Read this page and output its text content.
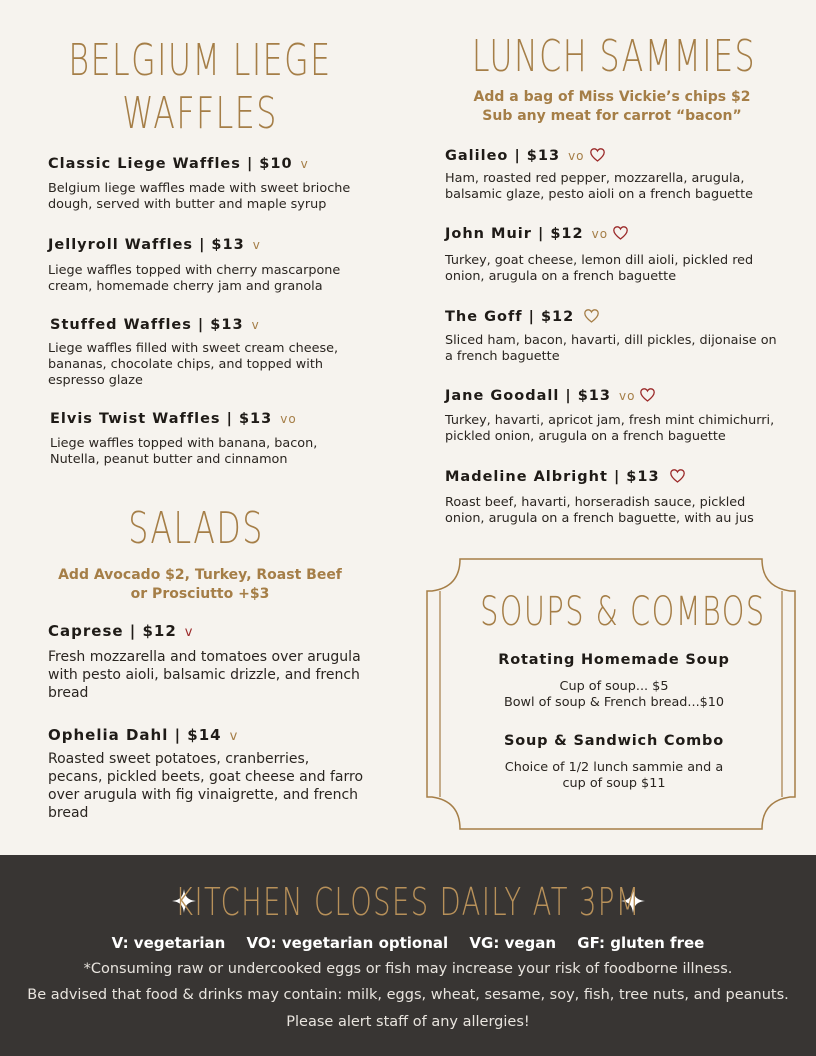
BELGIUM LIEGE
WAFFLES
Classic Liege Waffles | $10 v
Belgium liege waffles made with sweet brioche dough, served with butter and maple syrup
Jellyroll Waffles | $13 v
Liege waffles topped with cherry mascarpone cream, homemade cherry jam and granola
Stuffed Waffles | $13 v
Liege waffles filled with sweet cream cheese, bananas, chocolate chips, and topped with espresso glaze
Elvis Twist Waffles | $13 vo
Liege waffles topped with banana, bacon, Nutella, peanut butter and cinnamon
SALADS
Add Avocado $2, Turkey, Roast Beef
or Prosciutto +$3
Caprese | $12 v
Fresh mozzarella and tomatoes over arugula with pesto aioli, balsamic drizzle, and french bread
Ophelia Dahl | $14 v
Roasted sweet potatoes, cranberries, pecans, pickled beets, goat cheese and farro over arugula with fig vinaigrette, and french bread
LUNCH SAMMIES
Add a bag of Miss Vickie’s chips $2
Sub any meat for carrot “bacon”
Galileo | $13 vo
Ham, roasted red pepper, mozzarella, arugula, balsamic glaze, pesto aioli on a french baguette
John Muir | $12 vo
Turkey, goat cheese, lemon dill aioli, pickled red onion, arugula on a french baguette
The Goff | $12
Sliced ham, bacon, havarti, dill pickles, dijonaise on a french baguette
Jane Goodall | $13 vo
Turkey, havarti, apricot jam, fresh mint chimichurri, pickled onion, arugula on a french baguette
Madeline Albright | $13
Roast beef, havarti, horseradish sauce, pickled onion, arugula on a french baguette, with au jus
SOUPS & COMBOS
Rotating Homemade Soup
Cup of soup... $5
Bowl of soup & French bread...$10
Soup & Sandwich Combo
Choice of 1/2 lunch sammie and a
cup of soup $11
KITCHEN CLOSES DAILY AT 3PM
V: vegetarian VO: vegetarian optional VG: vegan GF: gluten free
*Consuming raw or undercooked eggs or fish may increase your risk of foodborne illness.
Be advised that food & drinks may contain: milk, eggs, wheat, sesame, soy, fish, tree nuts, and peanuts.
Please alert staff of any allergies!
